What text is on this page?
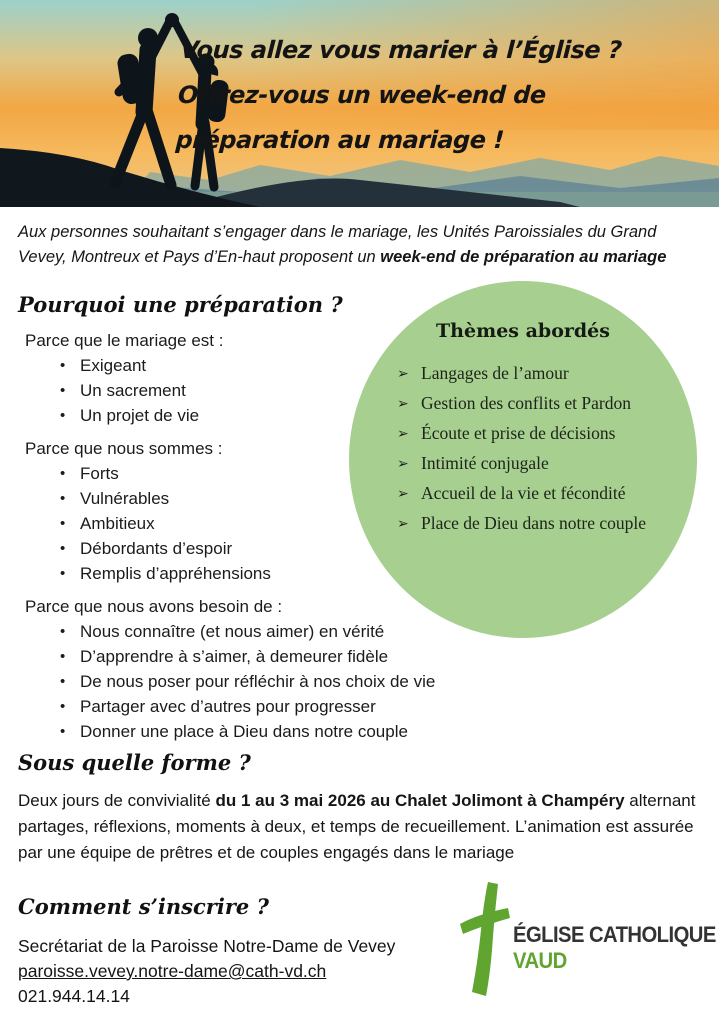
Vous allez vous marier à l’Église ?
Offrez-vous un week-end de
préparation au mariage !

Aux personnes souhaitant s’engager dans le mariage, les Unités Paroissiales du Grand Vevey, Montreux et Pays d’En-haut proposent un week-end de préparation au mariage

Pourquoi une préparation ?
Parce que le mariage est :
• Exigeant
• Un sacrement
• Un projet de vie
Parce que nous sommes :
• Forts
• Vulnérables
• Ambitieux
• Débordants d’espoir
• Remplis d’appréhensions
Parce que nous avons besoin de :
• Nous connaître (et nous aimer) en vérité
• D’apprendre à s’aimer, à demeurer fidèle
• De nous poser pour réfléchir à nos choix de vie
• Partager avec d’autres pour progresser
• Donner une place à Dieu dans notre couple
Thèmes abordés
➢ Langages de l’amour
➢ Gestion des conflits et Pardon
➢ Écoute et prise de décisions
➢ Intimité conjugale
➢ Accueil de la vie et fécondité
➢ Place de Dieu dans notre couple
Sous quelle forme ?

Deux jours de convivialité du 1 au 3 mai 2026 au Chalet Jolimont à Champéry alternant partages, réflexions, moments à deux, et temps de recueillement. L’animation est assurée par une équipe de prêtres et de couples engagés dans le mariage

Comment s’inscrire ?
Secrétariat de la Paroisse Notre-Dame de Vevey
paroisse.vevey.notre-dame@cath-vd.ch
021.944.14.14
ÉGLISE CATHOLIQUE
VAUD
